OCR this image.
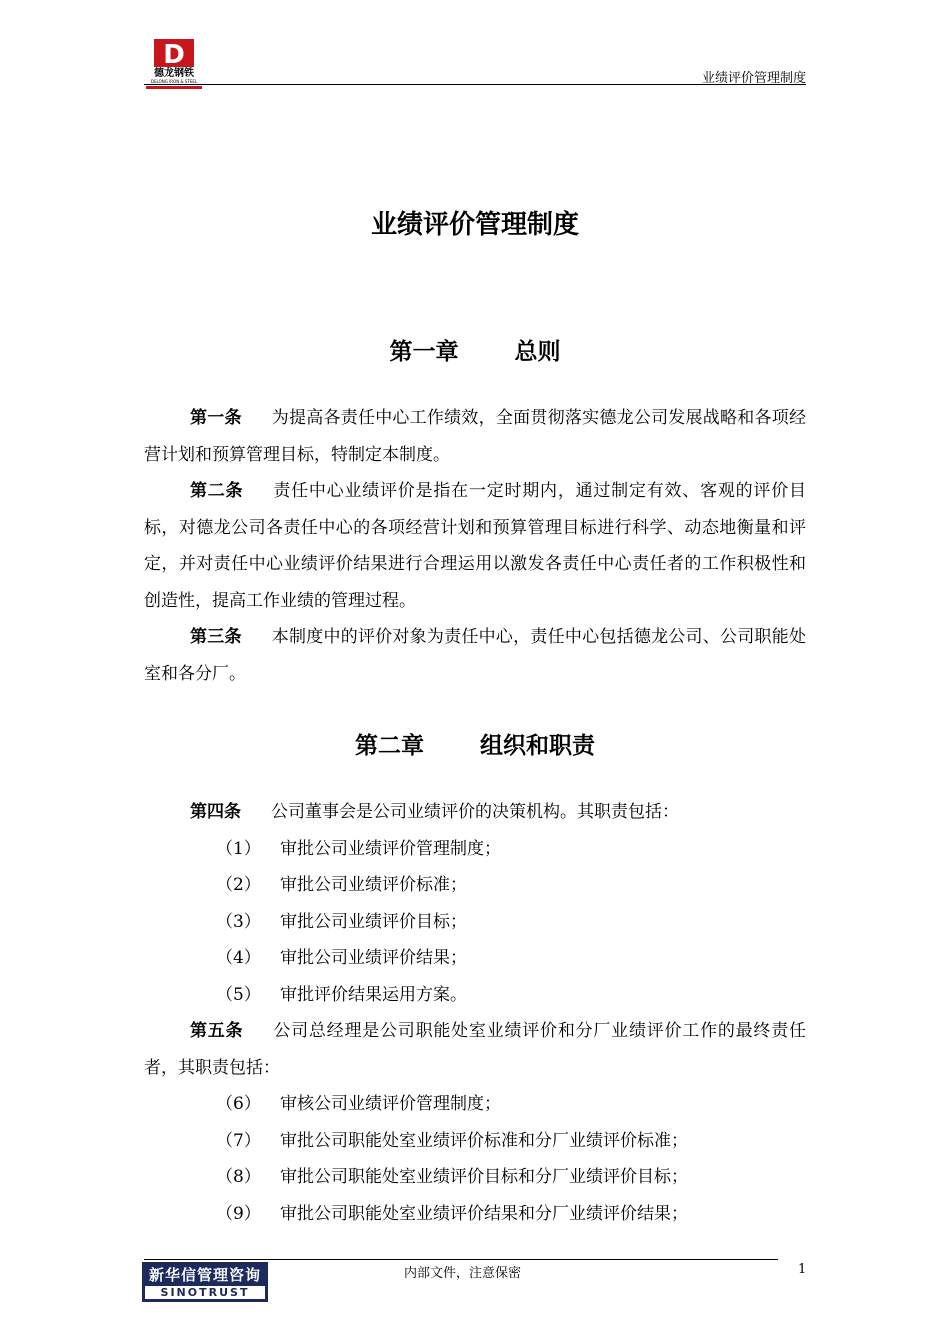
D
德龙钢铁
DELONG IRON & STEEL	业绩评价管理制度
业绩评价管理制度
第一章 总则

第一条 为提高各责任中心工作绩效，全面贯彻落实德龙公司发展战略和各项经营计划和预算管理目标，特制定本制度。

第二条 责任中心业绩评价是指在一定时期内，通过制定有效、客观的评价目标，对德龙公司各责任中心的各项经营计划和预算管理目标进行科学、动态地衡量和评定，并对责任中心业绩评价结果进行合理运用以激发各责任中心责任者的工作积极性和创造性，提高工作业绩的管理过程。

第三条 本制度中的评价对象为责任中心，责任中心包括德龙公司、公司职能处室和各分厂。

第二章 组织和职责

第四条 公司董事会是公司业绩评价的决策机构。其职责包括：

（1） 审批公司业绩评价管理制度；

（2） 审批公司业绩评价标准；

（3） 审批公司业绩评价目标；

（4） 审批公司业绩评价结果；

（5） 审批评价结果运用方案。

第五条 公司总经理是公司职能处室业绩评价和分厂业绩评价工作的最终责任者，其职责包括：

（6） 审核公司业绩评价管理制度；

（7） 审批公司职能处室业绩评价标准和分厂业绩评价标准；

（8） 审批公司职能处室业绩评价目标和分厂业绩评价目标；

（9） 审批公司职能处室业绩评价结果和分厂业绩评价结果；

新华信管理咨询
SINOTRUST
内部文件，注意保密	1
